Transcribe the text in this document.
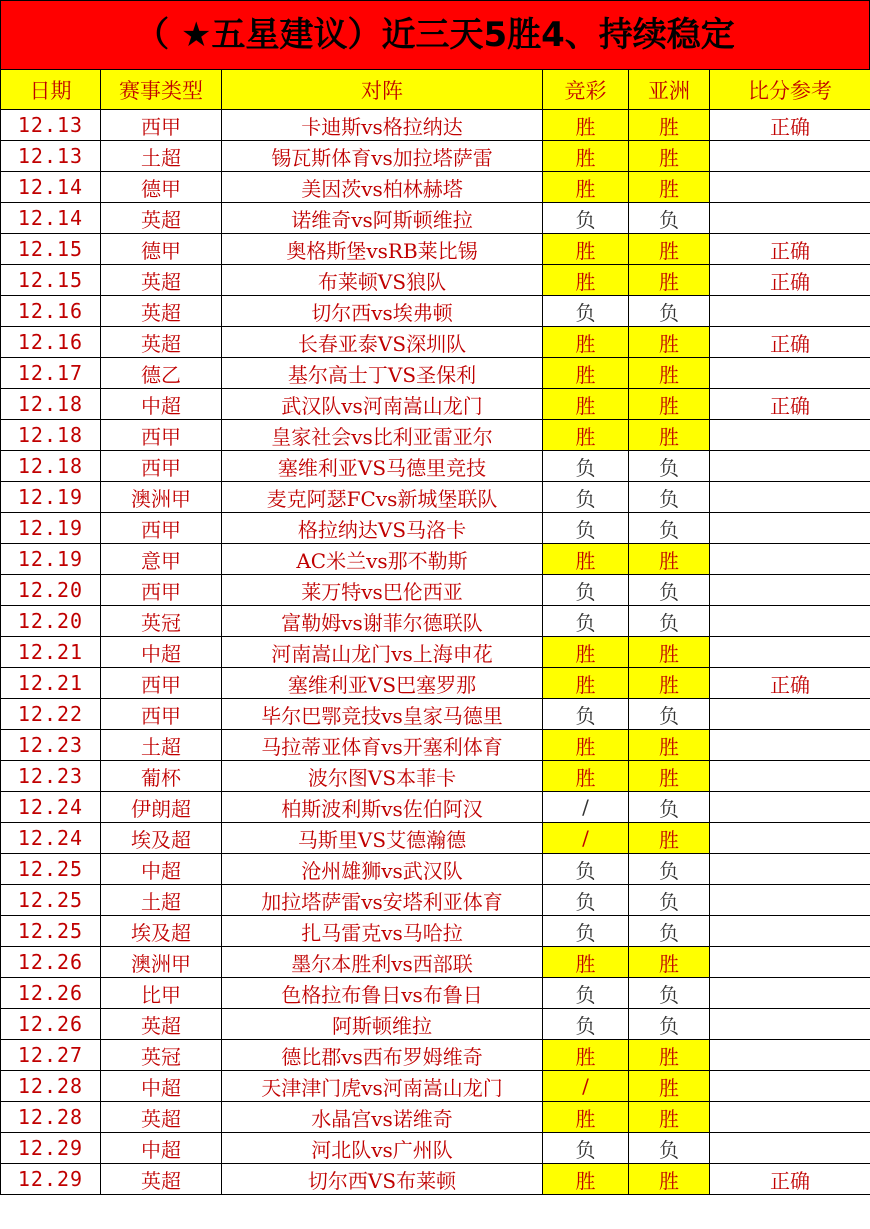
（ ★五星建议）近三天5胜4、持续稳定
日期	赛事类型	对阵	竞彩	亚洲	比分参考
12.13	西甲	卡迪斯vs格拉纳达	胜	胜	正确
12.13	土超	锡瓦斯体育vs加拉塔萨雷	胜	胜	
12.14	德甲	美因茨vs柏林赫塔	胜	胜	
12.14	英超	诺维奇vs阿斯顿维拉	负	负	
12.15	德甲	奥格斯堡vsRB莱比锡	胜	胜	正确
12.15	英超	布莱顿VS狼队	胜	胜	正确
12.16	英超	切尔西vs埃弗顿	负	负	
12.16	英超	长春亚泰VS深圳队	胜	胜	正确
12.17	德乙	基尔高士丁VS圣保利	胜	胜	
12.18	中超	武汉队vs河南嵩山龙门	胜	胜	正确
12.18	西甲	皇家社会vs比利亚雷亚尔	胜	胜	
12.18	西甲	塞维利亚VS马德里竞技	负	负	
12.19	澳洲甲	麦克阿瑟FCvs新城堡联队	负	负	
12.19	西甲	格拉纳达VS马洛卡	负	负	
12.19	意甲	AC米兰vs那不勒斯	胜	胜	
12.20	西甲	莱万特vs巴伦西亚	负	负	
12.20	英冠	富勒姆vs谢菲尔德联队	负	负	
12.21	中超	河南嵩山龙门vs上海申花	胜	胜	
12.21	西甲	塞维利亚VS巴塞罗那	胜	胜	正确
12.22	西甲	毕尔巴鄂竞技vs皇家马德里	负	负	
12.23	土超	马拉蒂亚体育vs开塞利体育	胜	胜	
12.23	葡杯	波尔图VS本菲卡	胜	胜	
12.24	伊朗超	柏斯波利斯vs佐伯阿汉	/	负	
12.24	埃及超	马斯里VS艾德瀚德	/	胜	
12.25	中超	沧州雄狮vs武汉队	负	负	
12.25	土超	加拉塔萨雷vs安塔利亚体育	负	负	
12.25	埃及超	扎马雷克vs马哈拉	负	负	
12.26	澳洲甲	墨尔本胜利vs西部联	胜	胜	
12.26	比甲	色格拉布鲁日vs布鲁日	负	负	
12.26	英超	阿斯顿维拉	负	负	
12.27	英冠	德比郡vs西布罗姆维奇	胜	胜	
12.28	中超	天津津门虎vs河南嵩山龙门	/	胜	
12.28	英超	水晶宫vs诺维奇	胜	胜	
12.29	中超	河北队vs广州队	负	负	
12.29	英超	切尔西VS布莱顿	胜	胜	正确
